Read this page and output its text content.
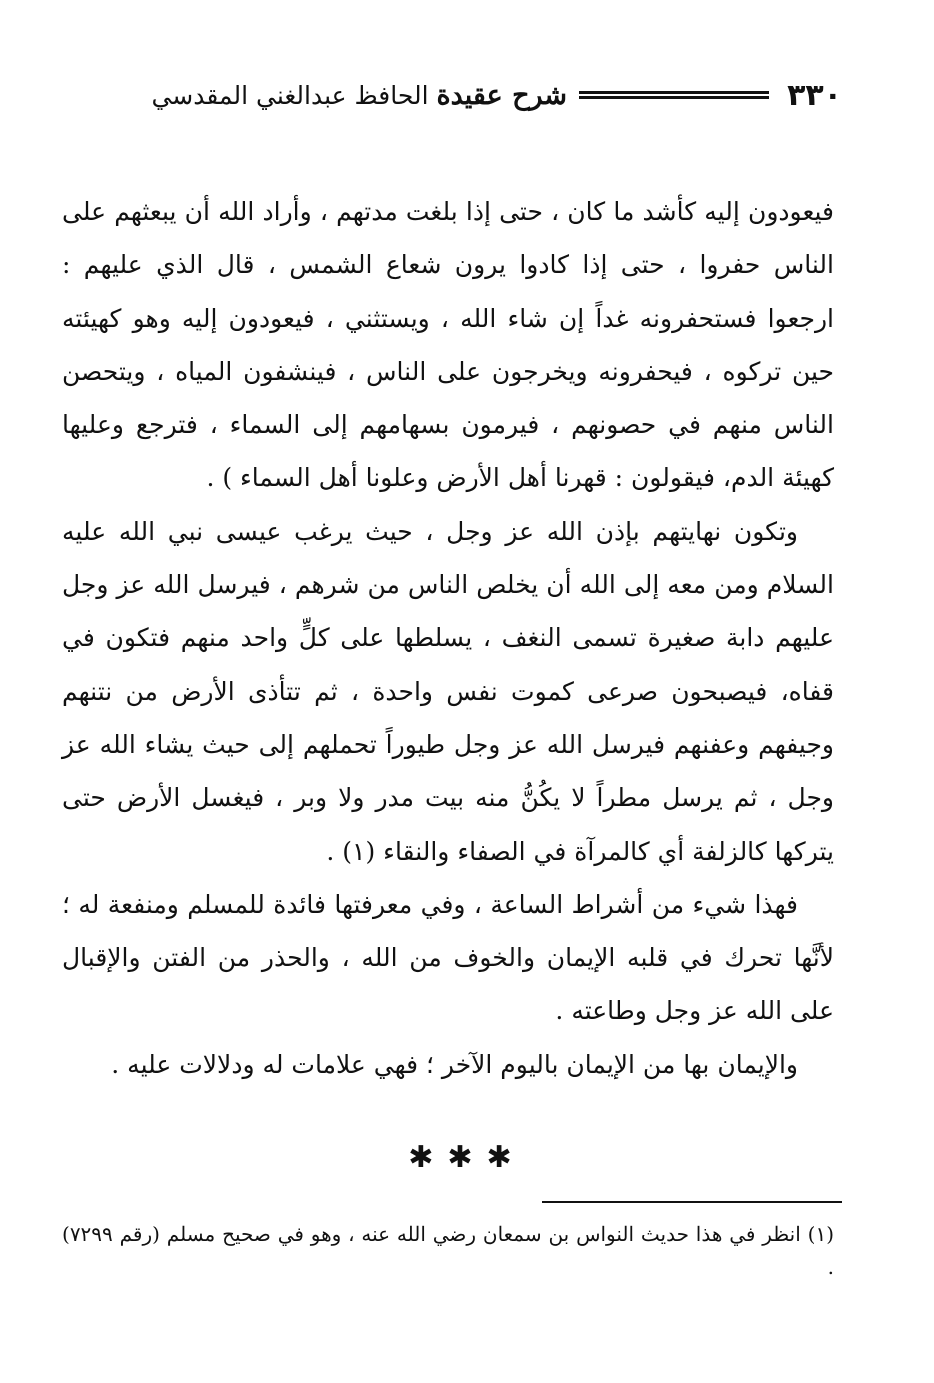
٣٣٠
شرح عقيدة الحافظ عبدالغني المقدسي

فيعودون إليه كأشد ما كان ، حتى إذا بلغت مدتهم ، وأراد الله أن يبعثهم على الناس حفروا ، حتى إذا كادوا يرون شعاع الشمس ، قال الذي عليهم : ارجعوا فستحفرونه غداً إن شاء الله ، ويستثني ، فيعودون إليه وهو كهيئته حين تركوه ، فيحفرونه ويخرجون على الناس ، فينشفون المياه ، ويتحصن الناس منهم في حصونهم ، فيرمون بسهامهم إلى السماء ، فترجع وعليها كهيئة الدم، فيقولون : قهرنا أهل الأرض وعلونا أهل السماء ) .

وتكون نهايتهم بإذن الله عز وجل ، حيث يرغب عيسى نبي الله عليه السلام ومن معه إلى الله أن يخلص الناس من شرهم ، فيرسل الله عز وجل عليهم دابة صغيرة تسمى النغف ، يسلطها على كلٍّ واحد منهم فتكون في قفاه، فيصبحون صرعى كموت نفس واحدة ، ثم تتأذى الأرض من نتنهم وجيفهم وعفنهم فيرسل الله عز وجل طيوراً تحملهم إلى حيث يشاء الله عز وجل ، ثم يرسل مطراً لا يكُنُّ منه بيت مدر ولا وبر ، فيغسل الأرض حتى يتركها كالزلفة أي كالمرآة في الصفاء والنقاء (١) .

فهذا شيء من أشراط الساعة ، وفي معرفتها فائدة للمسلم ومنفعة له ؛ لأنَّها تحرك في قلبه الإيمان والخوف من الله ، والحذر من الفتن والإقبال على الله عز وجل وطاعته .

والإيمان بها من الإيمان باليوم الآخر ؛ فهي علامات له ودلالات عليه .

✱✱✱

(١) انظر في هذا حديث النواس بن سمعان رضي الله عنه ، وهو في صحيح مسلم (رقم ٧٢٩٩) .
